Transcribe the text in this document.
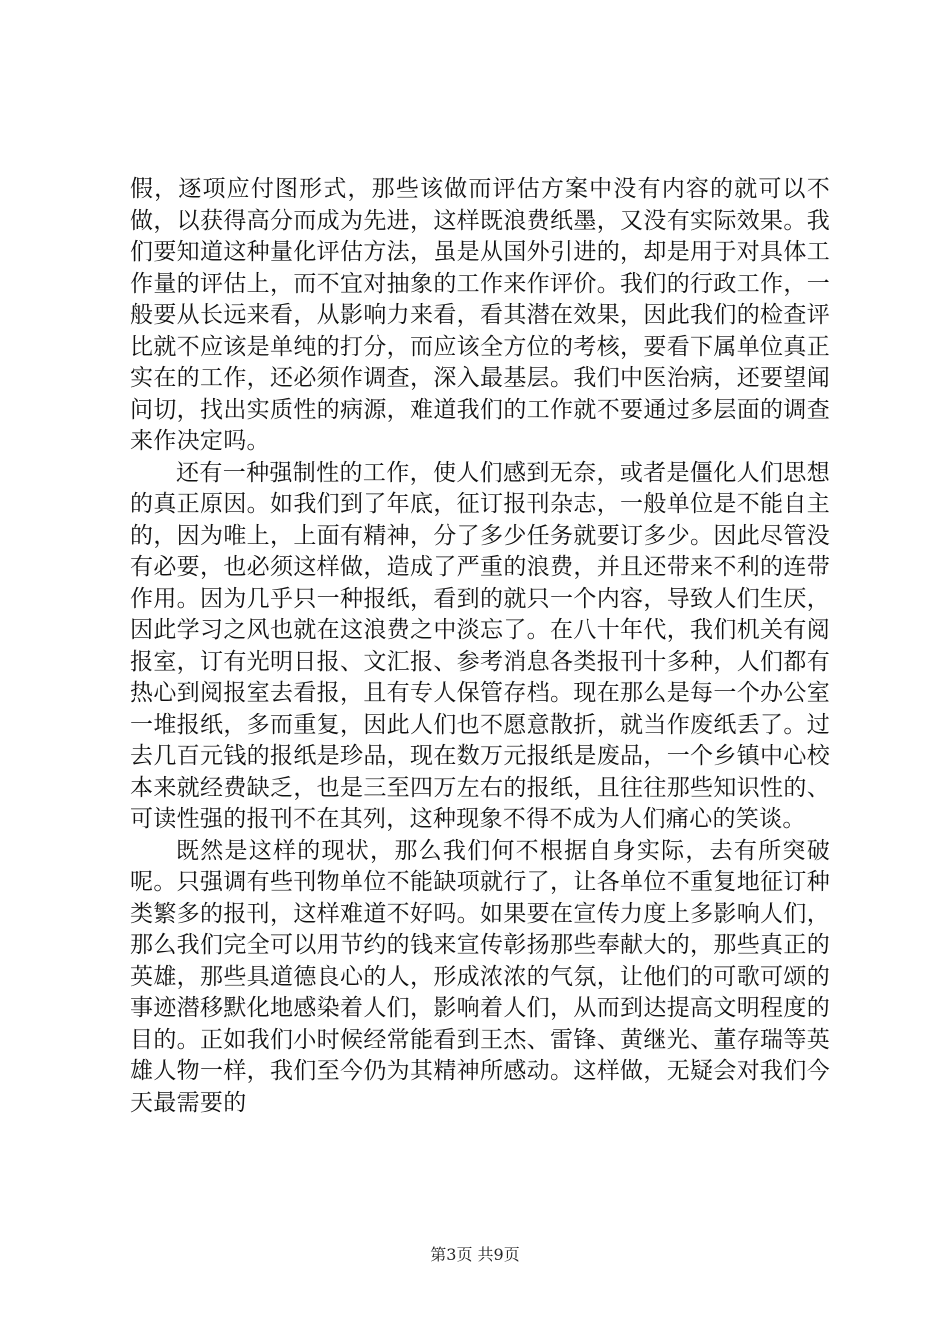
假，逐项应付图形式，那些该做而评估方案中没有内容的就可以不做，以获得高分而成为先进，这样既浪费纸墨，又没有实际效果。我们要知道这种量化评估方法，虽是从国外引进的，却是用于对具体工作量的评估上，而不宜对抽象的工作来作评价。我们的行政工作，一般要从长远来看，从影响力来看，看其潜在效果，因此我们的检查评比就不应该是单纯的打分，而应该全方位的考核，要看下属单位真正实在的工作，还必须作调查，深入最基层。我们中医治病，还要望闻问切，找出实质性的病源，难道我们的工作就不要通过多层面的调查来作决定吗。

还有一种强制性的工作，使人们感到无奈，或者是僵化人们思想的真正原因。如我们到了年底，征订报刊杂志，一般单位是不能自主的，因为唯上，上面有精神，分了多少任务就要订多少。因此尽管没有必要，也必须这样做，造成了严重的浪费，并且还带来不利的连带作用。因为几乎只一种报纸，看到的就只一个内容，导致人们生厌，因此学习之风也就在这浪费之中淡忘了。在八十年代，我们机关有阅报室，订有光明日报、文汇报、参考消息各类报刊十多种，人们都有热心到阅报室去看报，且有专人保管存档。现在那么是每一个办公室一堆报纸，多而重复，因此人们也不愿意散折，就当作废纸丢了。过去几百元钱的报纸是珍品，现在数万元报纸是废品，一个乡镇中心校本来就经费缺乏，也是三至四万左右的报纸，且往往那些知识性的、可读性强的报刊不在其列，这种现象不得不成为人们痛心的笑谈。

既然是这样的现状，那么我们何不根据自身实际，去有所突破呢。只强调有些刊物单位不能缺项就行了，让各单位不重复地征订种类繁多的报刊，这样难道不好吗。如果要在宣传力度上多影响人们，那么我们完全可以用节约的钱来宣传彰扬那些奉献大的，那些真正的英雄，那些具道德良心的人，形成浓浓的气氛，让他们的可歌可颂的事迹潜移默化地感染着人们，影响着人们，从而到达提高文明程度的目的。正如我们小时候经常能看到王杰、雷锋、黄继光、董存瑞等英雄人物一样，我们至今仍为其精神所感动。这样做，无疑会对我们今天最需要的

第3页 共9页
